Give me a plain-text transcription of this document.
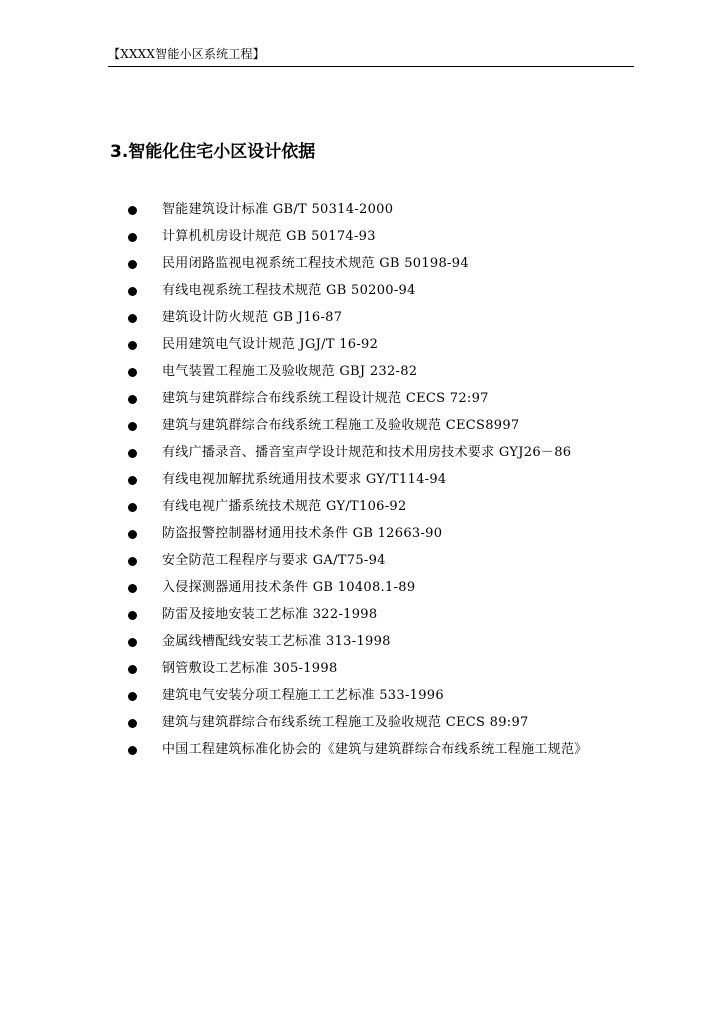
【XXXX智能小区系统工程】
3.智能化住宅小区设计依据
智能建筑设计标准 GB/T 50314-2000
计算机机房设计规范 GB 50174-93
民用闭路监视电视系统工程技术规范 GB 50198-94
有线电视系统工程技术规范 GB 50200-94
建筑设计防火规范 GB J16-87
民用建筑电气设计规范 JGJ/T 16-92
电气装置工程施工及验收规范 GBJ 232-82
建筑与建筑群综合布线系统工程设计规范 CECS 72:97
建筑与建筑群综合布线系统工程施工及验收规范 CECS8997
有线广播录音、播音室声学设计规范和技术用房技术要求 GYJ26－86
有线电视加解扰系统通用技术要求 GY/T114-94
有线电视广播系统技术规范 GY/T106-92
防盗报警控制器材通用技术条件 GB 12663-90
安全防范工程程序与要求 GA/T75-94
入侵探测器通用技术条件 GB 10408.1-89
防雷及接地安装工艺标准 322-1998
金属线槽配线安装工艺标准 313-1998
钢管敷设工艺标准 305-1998
建筑电气安装分项工程施工工艺标准 533-1996
建筑与建筑群综合布线系统工程施工及验收规范 CECS 89:97
中国工程建筑标准化协会的《建筑与建筑群综合布线系统工程施工规范》
